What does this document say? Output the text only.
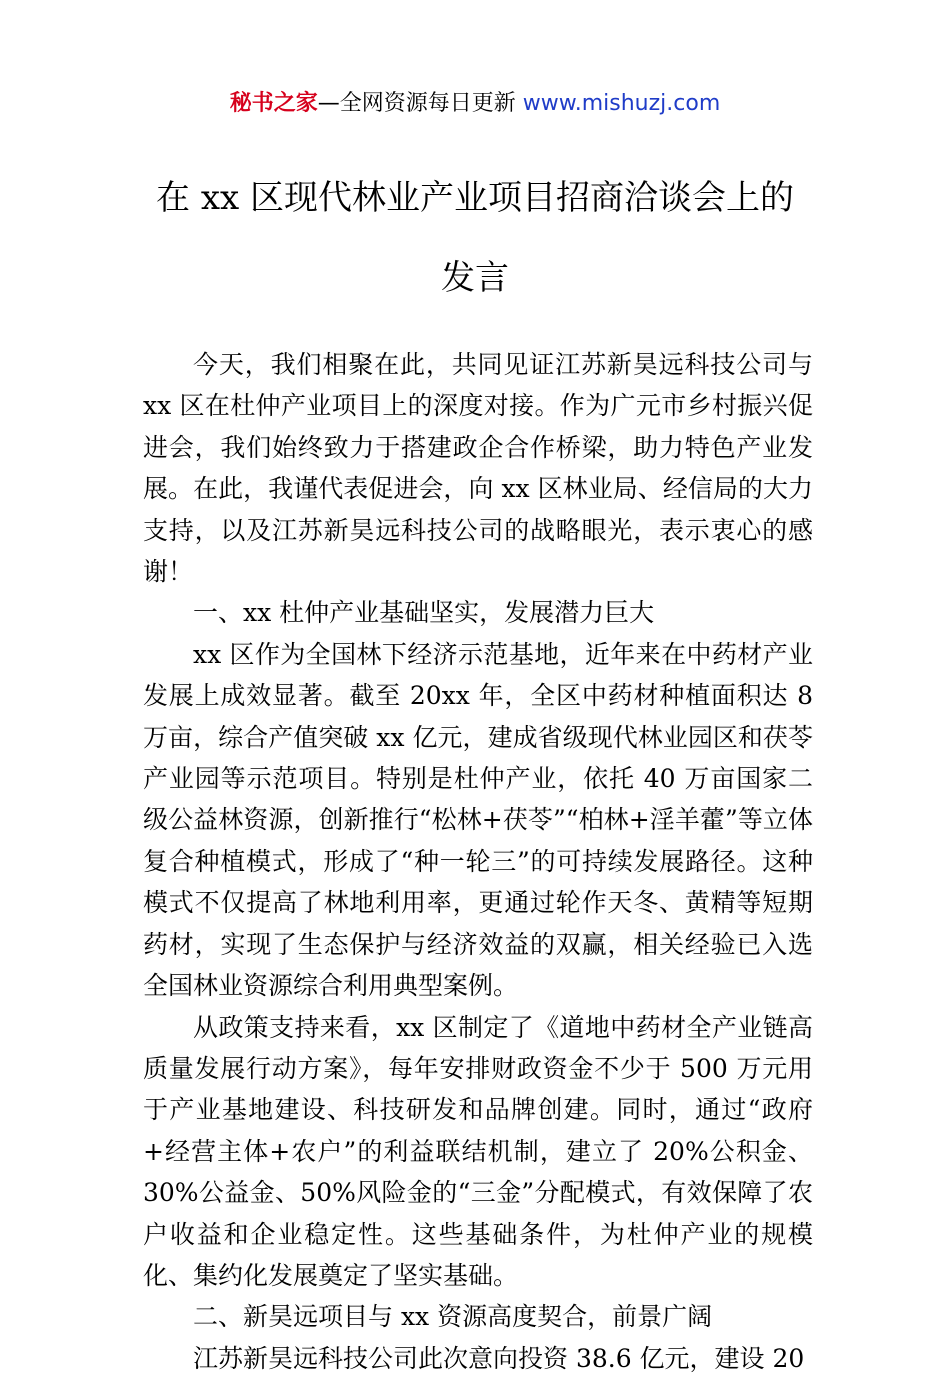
秘书之家—全网资源每日更新 www.mishuzj.com
在 xx 区现代林业产业项目招商洽谈会上的
发言

今天，我们相聚在此，共同见证江苏新昊远科技公司与 xx 区在杜仲产业项目上的深度对接。作为广元市乡村振兴促进会，我们始终致力于搭建政企合作桥梁，助力特色产业发展。在此，我谨代表促进会，向 xx 区林业局、经信局的大力支持，以及江苏新昊远科技公司的战略眼光，表示衷心的感谢！

一、xx 杜仲产业基础坚实，发展潜力巨大

xx 区作为全国林下经济示范基地，近年来在中药材产业发展上成效显著。截至 20xx 年，全区中药材种植面积达 8 万亩，综合产值突破 xx 亿元，建成省级现代林业园区和茯苓产业园等示范项目。特别是杜仲产业，依托 40 万亩国家二级公益林资源，创新推行“松林+茯苓”“柏林+淫羊藿”等立体复合种植模式，形成了“种一轮三”的可持续发展路径。这种模式不仅提高了林地利用率，更通过轮作天冬、黄精等短期药材，实现了生态保护与经济效益的双赢，相关经验已入选全国林业资源综合利用典型案例。

从政策支持来看，xx 区制定了《道地中药材全产业链高质量发展行动方案》，每年安排财政资金不少于 500 万元用于产业基地建设、科技研发和品牌创建。同时，通过“政府+经营主体+农户”的利益联结机制，建立了 20%公积金、30%公益金、50%风险金的“三金”分配模式，有效保障了农户收益和企业稳定性。这些基础条件，为杜仲产业的规模化、集约化发展奠定了坚实基础。

二、新昊远项目与 xx 资源高度契合，前景广阔

江苏新昊远科技公司此次意向投资 38.6 亿元，建设 20
